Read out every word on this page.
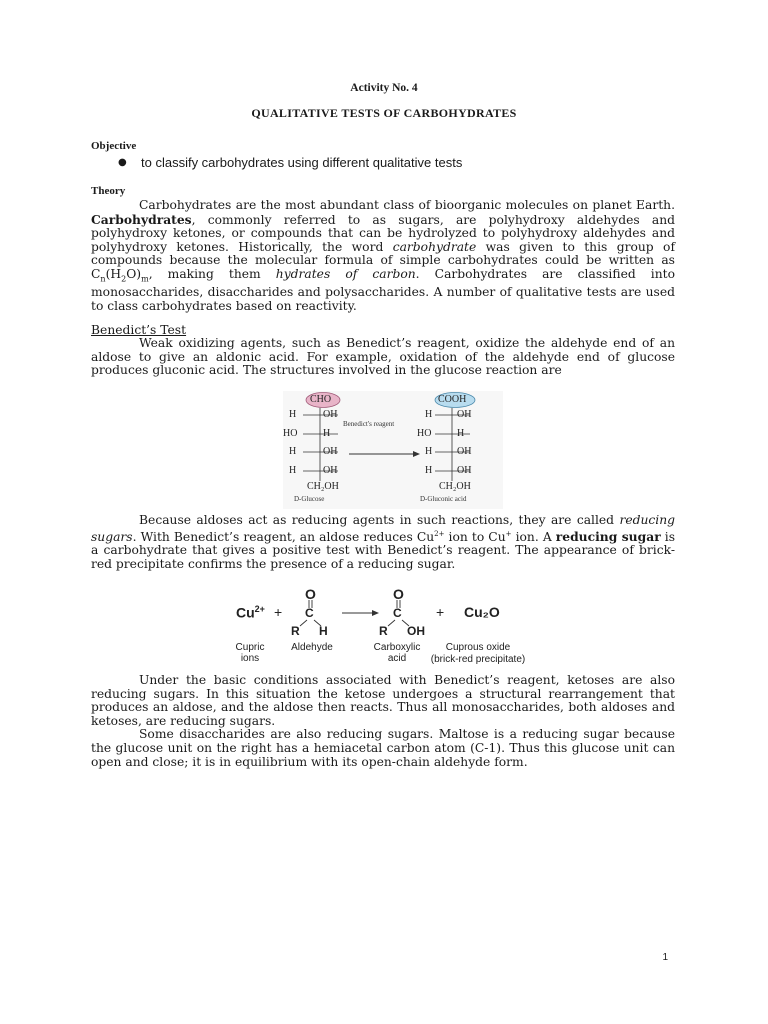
Activity No. 4
QUALITATIVE TESTS OF CARBOHYDRATES
Objective
● to classify carbohydrates using different qualitative tests
Theory

Carbohydrates are the most abundant class of bioorganic molecules on planet Earth. Carbohydrates, commonly referred to as sugars, are polyhydroxy aldehydes and polyhydroxy ketones, or compounds that can be hydrolyzed to polyhydroxy aldehydes and polyhydroxy ketones. Historically, the word carbohydrate was given to this group of compounds because the molecular formula of simple carbohydrates could be written as $C_n(H_2O)_m$, making them hydrates of carbon. Carbohydrates are classified into monosaccharides, disaccharides and polysaccharides. A number of qualitative tests are used to class carbohydrates based on reactivity.

Benedict’s Test

Weak oxidizing agents, such as Benedict’s reagent, oxidize the aldehyde end of an aldose to give an aldonic acid. For example, oxidation of the aldehyde end of glucose produces gluconic acid. The structures involved in the glucose reaction are

CHO	COOH
Benedict's reagent
H	OH
HO	H
H	OH
H	OH
H OH
HO	H
H OH
H OH
CH₂OH	CH₂OH
D-Glucose	D-Gluconic acid

Because aldoses act as reducing agents in such reactions, they are called reducing sugars. With Benedict’s reagent, an aldose reduces $Cu^{2+}$ ion to Cu+ ion. A reducing sugar is a carbohydrate that gives a positive test with Benedict’s reagent. The appearance of brick- red precipitate confirms the presence of a reducing sugar.

$Cu^{2+}$ +
O
C
R H
O
C
R OH
+ Cu₂O
Cupric ions
Aldehyde	Carboxylic acid
Cuprous oxide
(brick-red precipitate)

Under the basic conditions associated with Benedict’s reagent, ketoses are also reducing sugars. In this situation the ketose undergoes a structural rearrangement that produces an aldose, and the aldose then reacts. Thus all monosaccharides, both aldoses and ketoses, are reducing sugars.

Some disaccharides are also reducing sugars. Maltose is a reducing sugar because the glucose unit on the right has a hemiacetal carbon atom (C-1). Thus this glucose unit can open and close; it is in equilibrium with its open-chain aldehyde form.

1
